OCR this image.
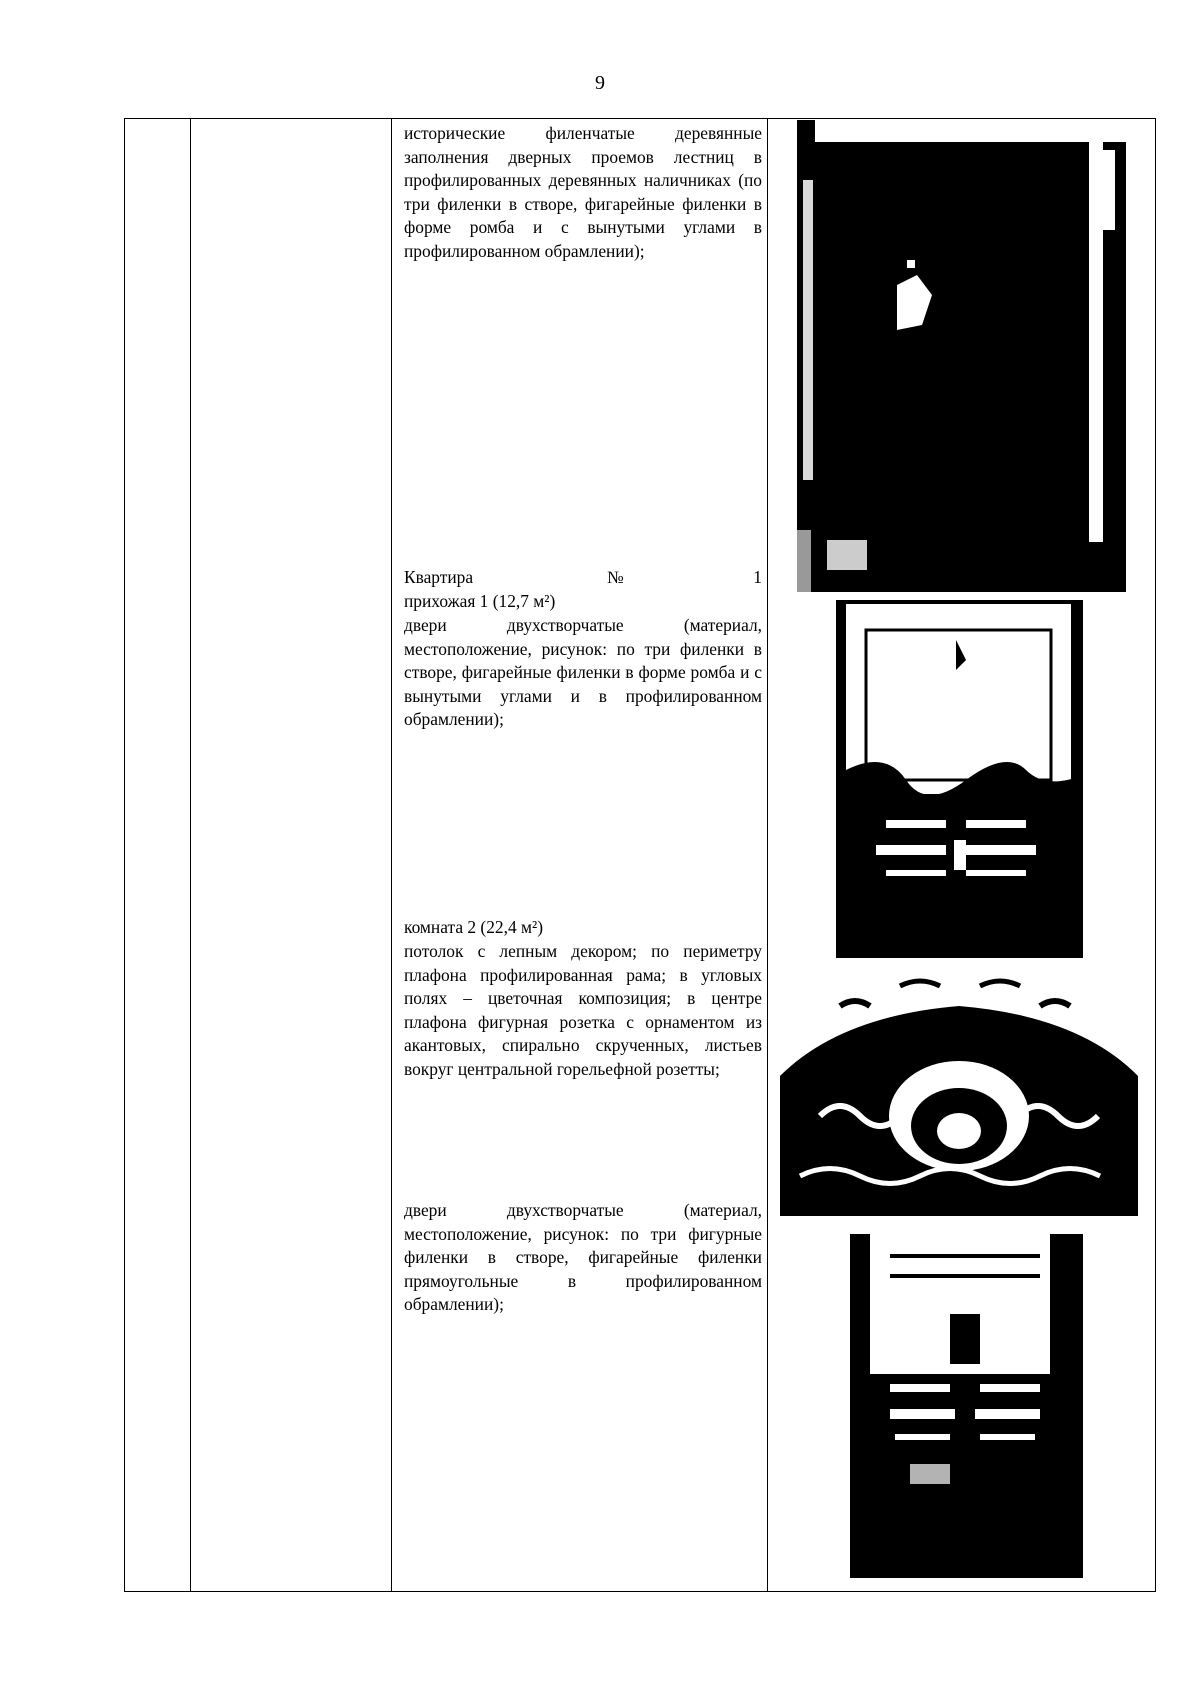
9
исторические филенчатые деревянные заполнения дверных проемов лестниц в профилированных деревянных наличниках (по три филенки в створе, фигарейные филенки в форме ромба и с вынутыми углами в профилированном обрамлении);
Квартира №1
прихожая 1 (12,7 м²)
двери двухстворчатые (материал, местоположение, рисунок: по три филенки в створе, фигарейные филенки в форме ромба и с вынутыми углами и в профилированном обрамлении);
комната 2 (22,4 м²)
потолок с лепным декором; по периметру плафона профилированная рама; в угловых полях – цветочная композиция; в центре плафона фигурная розетка с орнаментом из акантовых, спирально скрученных, листьев вокруг центральной горельефной розетты;
двери двухстворчатые (материал, местоположение, рисунок: по три фигурные филенки в створе, фигарейные филенки прямоугольные в профилированном обрамлении);
